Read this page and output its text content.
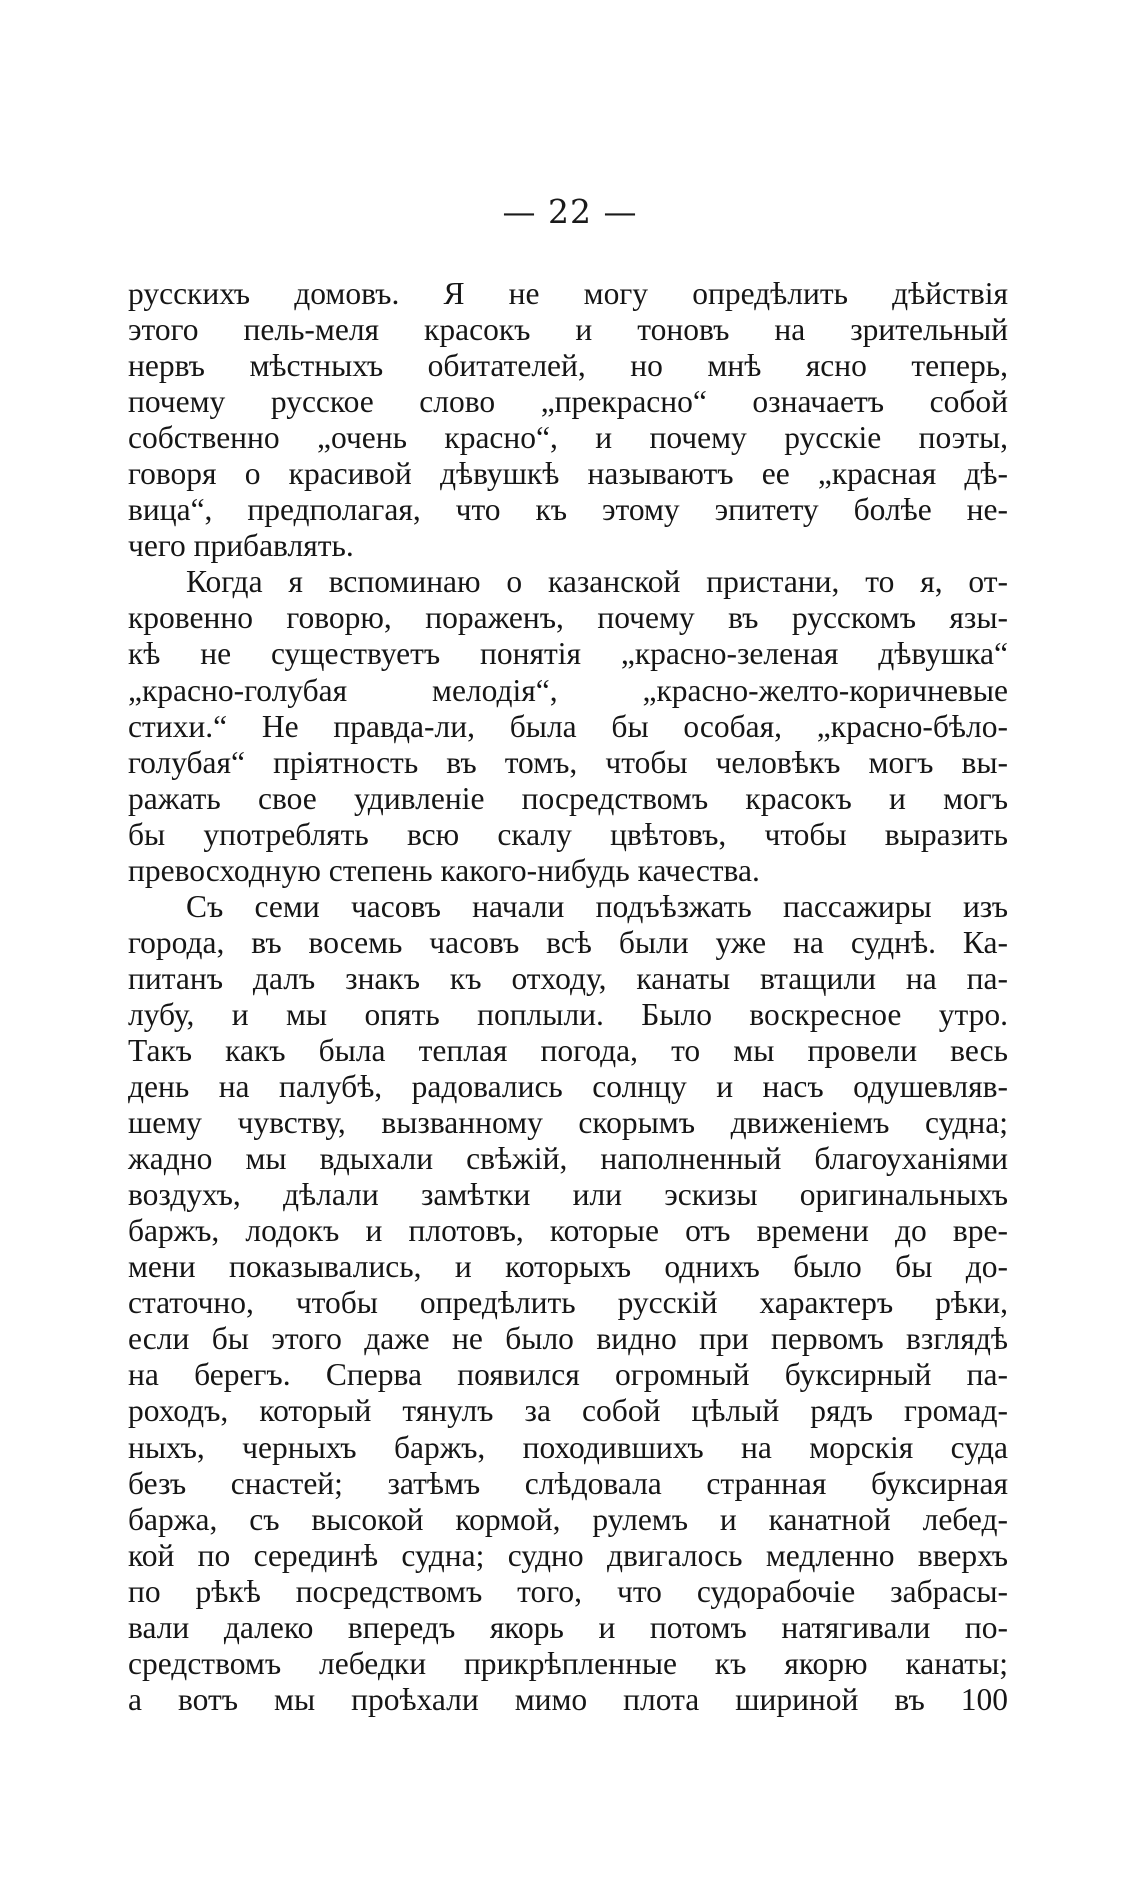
— 22 —
русскихъ домовъ. Я не могу опредѣлить дѣйствія
этого пель-меля красокъ и тоновъ на зрительный
нервъ мѣстныхъ обитателей, но мнѣ ясно теперь,
почему русское слово „прекрасно“ означаетъ собой
собственно „очень красно“, и почему русскіе поэты,
говоря о красивой дѣвушкѣ называютъ ее „красная дѣ-
вица“, предполагая, что къ этому эпитету болѣе не-
чего прибавлять.
Когда я вспоминаю о казанской пристани, то я, от-
кровенно говорю, пораженъ, почему въ русскомъ язы-
кѣ не существуетъ понятія „красно-зеленая дѣвушка“
„красно-голубая мелодія“, „красно-желто-коричневые
стихи.“ Не правда-ли, была бы особая, „красно-бѣло-
голубая“ пріятность въ томъ, чтобы человѣкъ могъ вы-
ражать свое удивленіе посредствомъ красокъ и могъ
бы употреблять всю скалу цвѣтовъ, чтобы выразить
превосходную степень какого-нибудь качества.
Съ семи часовъ начали подъѣзжать пассажиры изъ
города, въ восемь часовъ всѣ были уже на суднѣ. Ка-
питанъ далъ знакъ къ отходу, канаты втащили на па-
лубу, и мы опять поплыли. Было воскресное утро.
Такъ какъ была теплая погода, то мы провели весь
день на палубѣ, радовались солнцу и насъ одушевляв-
шему чувству, вызванному скорымъ движеніемъ судна;
жадно мы вдыхали свѣжій, наполненный благоуханіями
воздухъ, дѣлали замѣтки или эскизы оригинальныхъ
баржъ, лодокъ и плотовъ, которые отъ времени до вре-
мени показывались, и которыхъ однихъ было бы до-
статочно, чтобы опредѣлить русскій характеръ рѣки,
если бы этого даже не было видно при первомъ взглядѣ
на берегъ. Сперва появился огромный буксирный па-
роходъ, который тянулъ за собой цѣлый рядъ громад-
ныхъ, черныхъ баржъ, походившихъ на морскія суда
безъ снастей; затѣмъ слѣдовала странная буксирная
баржа, съ высокой кормой, рулемъ и канатной лебед-
кой по серединѣ судна; судно двигалось медленно вверхъ
по рѣкѣ посредствомъ того, что судорабочіе забрасы-
вали далеко впередъ якорь и потомъ натягивали по-
средствомъ лебедки прикрѣпленные къ якорю канаты;
а вотъ мы проѣхали мимо плота шириной въ 100
